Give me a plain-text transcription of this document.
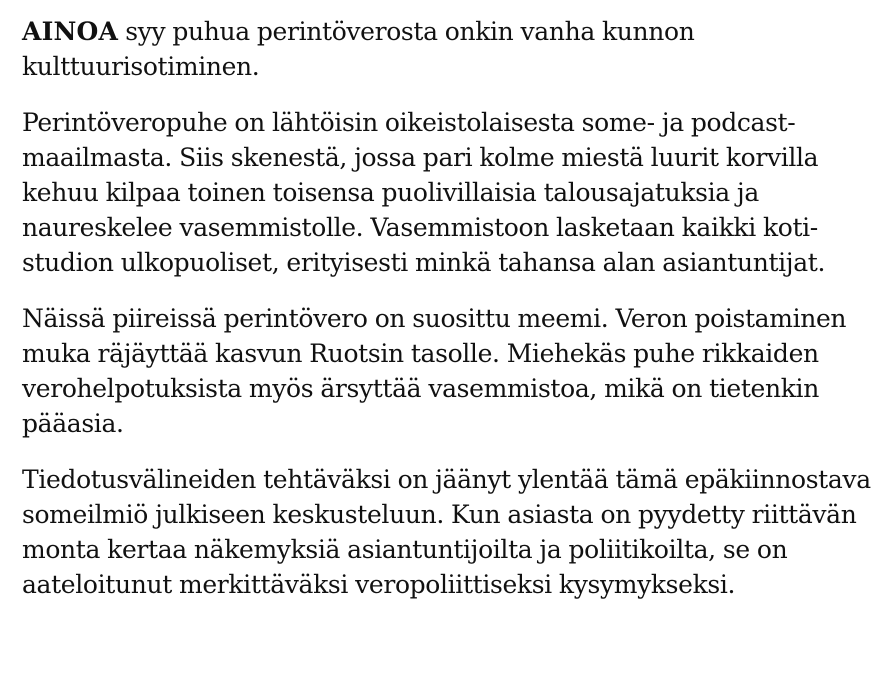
AINOA syy puhua perintöverosta onkin vanha kunnon kulttuurisotiminen.

Perintöveropuhe on lähtöisin oikeistolaisesta some- ja podcast-maailmasta. Siis skenestä, jossa pari kolme miestä luurit korvilla kehuu kilpaa toinen toisensa puolivillaisia talousajatuksia ja naureskelee vasemmistolle. Vasemmistoon lasketaan kaikki koti-studion ulkopuoliset, erityisesti minkä tahansa alan asiantuntijat.

Näissä piireissä perintövero on suosittu meemi. Veron poistaminen muka räjäyttää kasvun Ruotsin tasolle. Miehekäs puhe rikkaiden verohelpotuksista myös ärsyttää vasemmistoa, mikä on tietenkin pääasia.

Tiedotusvälineiden tehtäväksi on jäänyt ylentää tämä epäkiinnostava someilmiö julkiseen keskusteluun. Kun asiasta on pyydetty riittävän monta kertaa näkemyksiä asiantuntijoilta ja poliitikoilta, se on aateloitunut merkittäväksi veropoliittiseksi kysymykseksi.
